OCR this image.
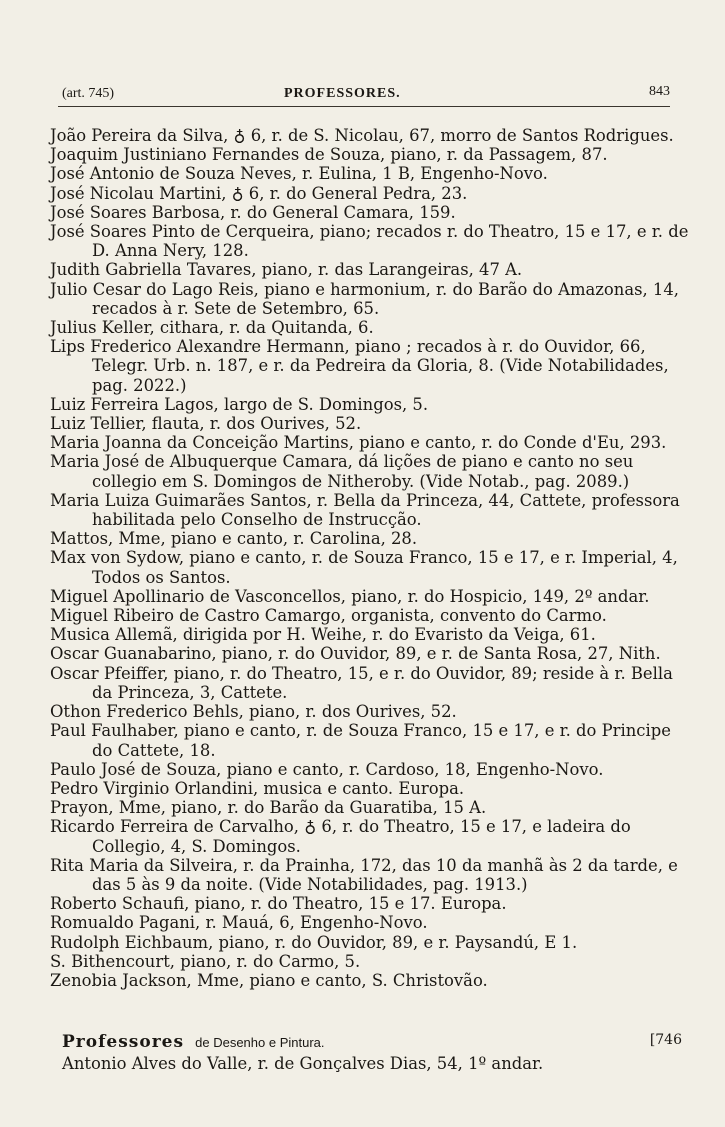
(art. 745)	PROFESSORES.	843

João Pereira da Silva, ♁ 6, r. de S. Nicolau, 67, morro de Santos Rodrigues.

Joaquim Justiniano Fernandes de Souza, piano, r. da Passagem, 87.

José Antonio de Souza Neves, r. Eulina, 1 B, Engenho-Novo.

José Nicolau Martini, ♁ 6, r. do General Pedra, 23.

José Soares Barbosa, r. do General Camara, 159.

José Soares Pinto de Cerqueira, piano; recados r. do Theatro, 15 e 17, e r. de D. Anna Nery, 128.

Judith Gabriella Tavares, piano, r. das Larangeiras, 47 A.

Julio Cesar do Lago Reis, piano e harmonium, r. do Barão do Amazonas, 14, recados à r. Sete de Setembro, 65.

Julius Keller, cithara, r. da Quitanda, 6.

Lips Frederico Alexandre Hermann, piano ; recados à r. do Ouvidor, 66, Telegr. Urb. n. 187, e r. da Pedreira da Gloria, 8. (Vide Notabilidades, pag. 2022.)

Luiz Ferreira Lagos, largo de S. Domingos, 5.

Luiz Tellier, flauta, r. dos Ourives, 52.

Maria Joanna da Conceição Martins, piano e canto, r. do Conde d'Eu, 293.

Maria José de Albuquerque Camara, dá lições de piano e canto no seu collegio em S. Domingos de Nitheroby. (Vide Notab., pag. 2089.)

Maria Luiza Guimarães Santos, r. Bella da Princeza, 44, Cattete, professora habilitada pelo Conselho de Instrucção.

Mattos, Mme, piano e canto, r. Carolina, 28.

Max von Sydow, piano e canto, r. de Souza Franco, 15 e 17, e r. Imperial, 4, Todos os Santos.

Miguel Apollinario de Vasconcellos, piano, r. do Hospicio, 149, 2º andar.

Miguel Ribeiro de Castro Camargo, organista, convento do Carmo.

Musica Allemã, dirigida por H. Weihe, r. do Evaristo da Veiga, 61.

Oscar Guanabarino, piano, r. do Ouvidor, 89, e r. de Santa Rosa, 27, Nith.

Oscar Pfeiffer, piano, r. do Theatro, 15, e r. do Ouvidor, 89; reside à r. Bella da Princeza, 3, Cattete.

Othon Frederico Behls, piano, r. dos Ourives, 52.

Paul Faulhaber, piano e canto, r. de Souza Franco, 15 e 17, e r. do Principe do Cattete, 18.

Paulo José de Souza, piano e canto, r. Cardoso, 18, Engenho-Novo.

Pedro Virginio Orlandini, musica e canto. Europa.

Prayon, Mme, piano, r. do Barão da Guaratiba, 15 A.

Ricardo Ferreira de Carvalho, ♁ 6, r. do Theatro, 15 e 17, e ladeira do Collegio, 4, S. Domingos.

Rita Maria da Silveira, r. da Prainha, 172, das 10 da manhã às 2 da tarde, e das 5 às 9 da noite. (Vide Notabilidades, pag. 1913.)

Roberto Schaufi, piano, r. do Theatro, 15 e 17. Europa.

Romualdo Pagani, r. Mauá, 6, Engenho-Novo.

Rudolph Eichbaum, piano, r. do Ouvidor, 89, e r. Paysandú, E 1.

S. Bithencourt, piano, r. do Carmo, 5.

Zenobia Jackson, Mme, piano e canto, S. Christovão.

Professores de Desenho e Pintura.	[746
Antonio Alves do Valle, r. de Gonçalves Dias, 54, 1º andar.
